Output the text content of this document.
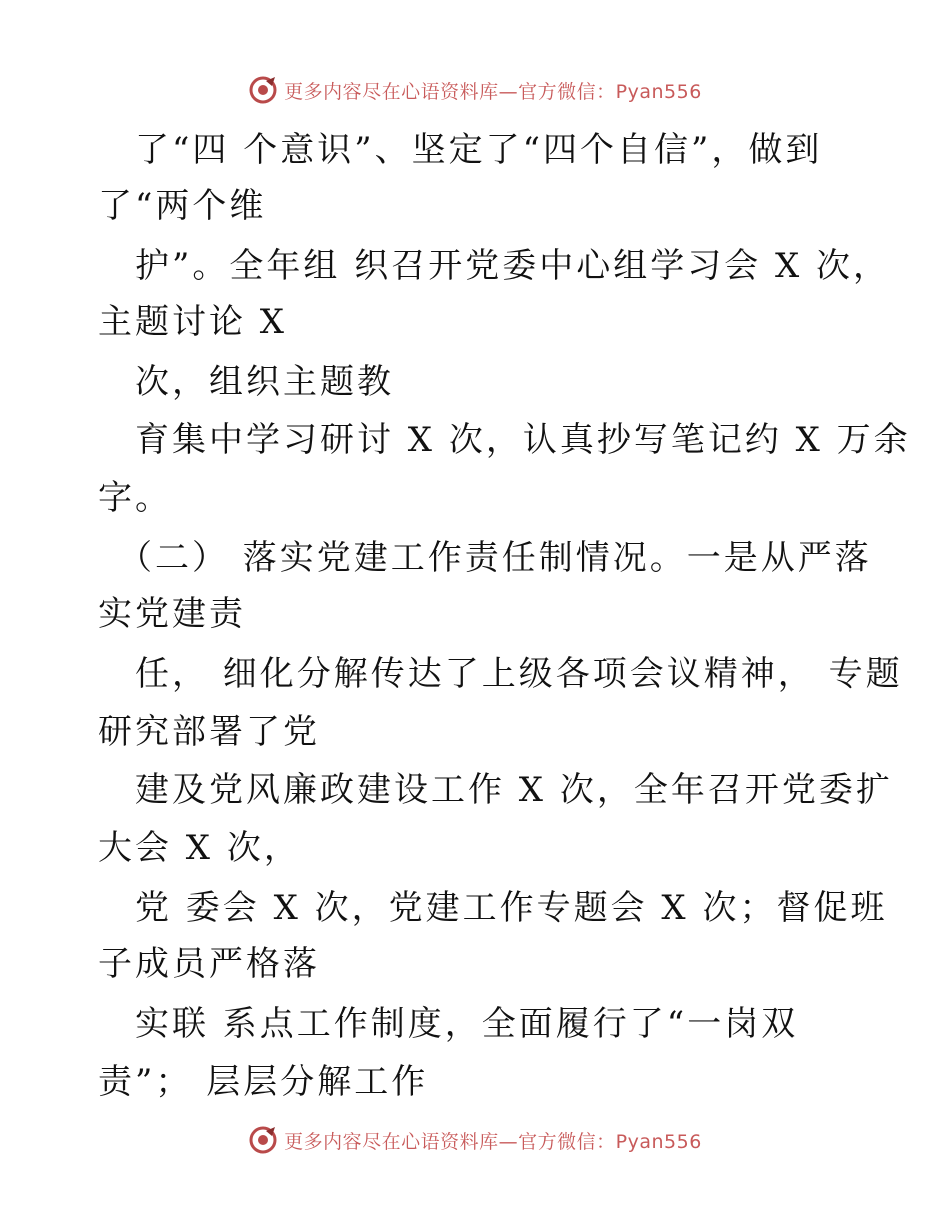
更多内容尽在心语资料库—官方微信：Pyan556
了“四 个意识”、坚定了“四个自信”，做到
了“两个维
护”。全年组 织召开党委中心组学习会 X 次，
主题讨论 X
次，组织主题教
育集中学习研讨 X 次，认真抄写笔记约 X 万余
字。
（二） 落实党建工作责任制情况。一是从严落
实党建责
任， 细化分解传达了上级各项会议精神， 专题
研究部署了党
建及党风廉政建设工作 X 次，全年召开党委扩
大会 X 次，
党 委会 X 次，党建工作专题会 X 次；督促班
子成员严格落
实联 系点工作制度，全面履行了“一岗双
责”； 层层分解工作
更多内容尽在心语资料库—官方微信：Pyan556
